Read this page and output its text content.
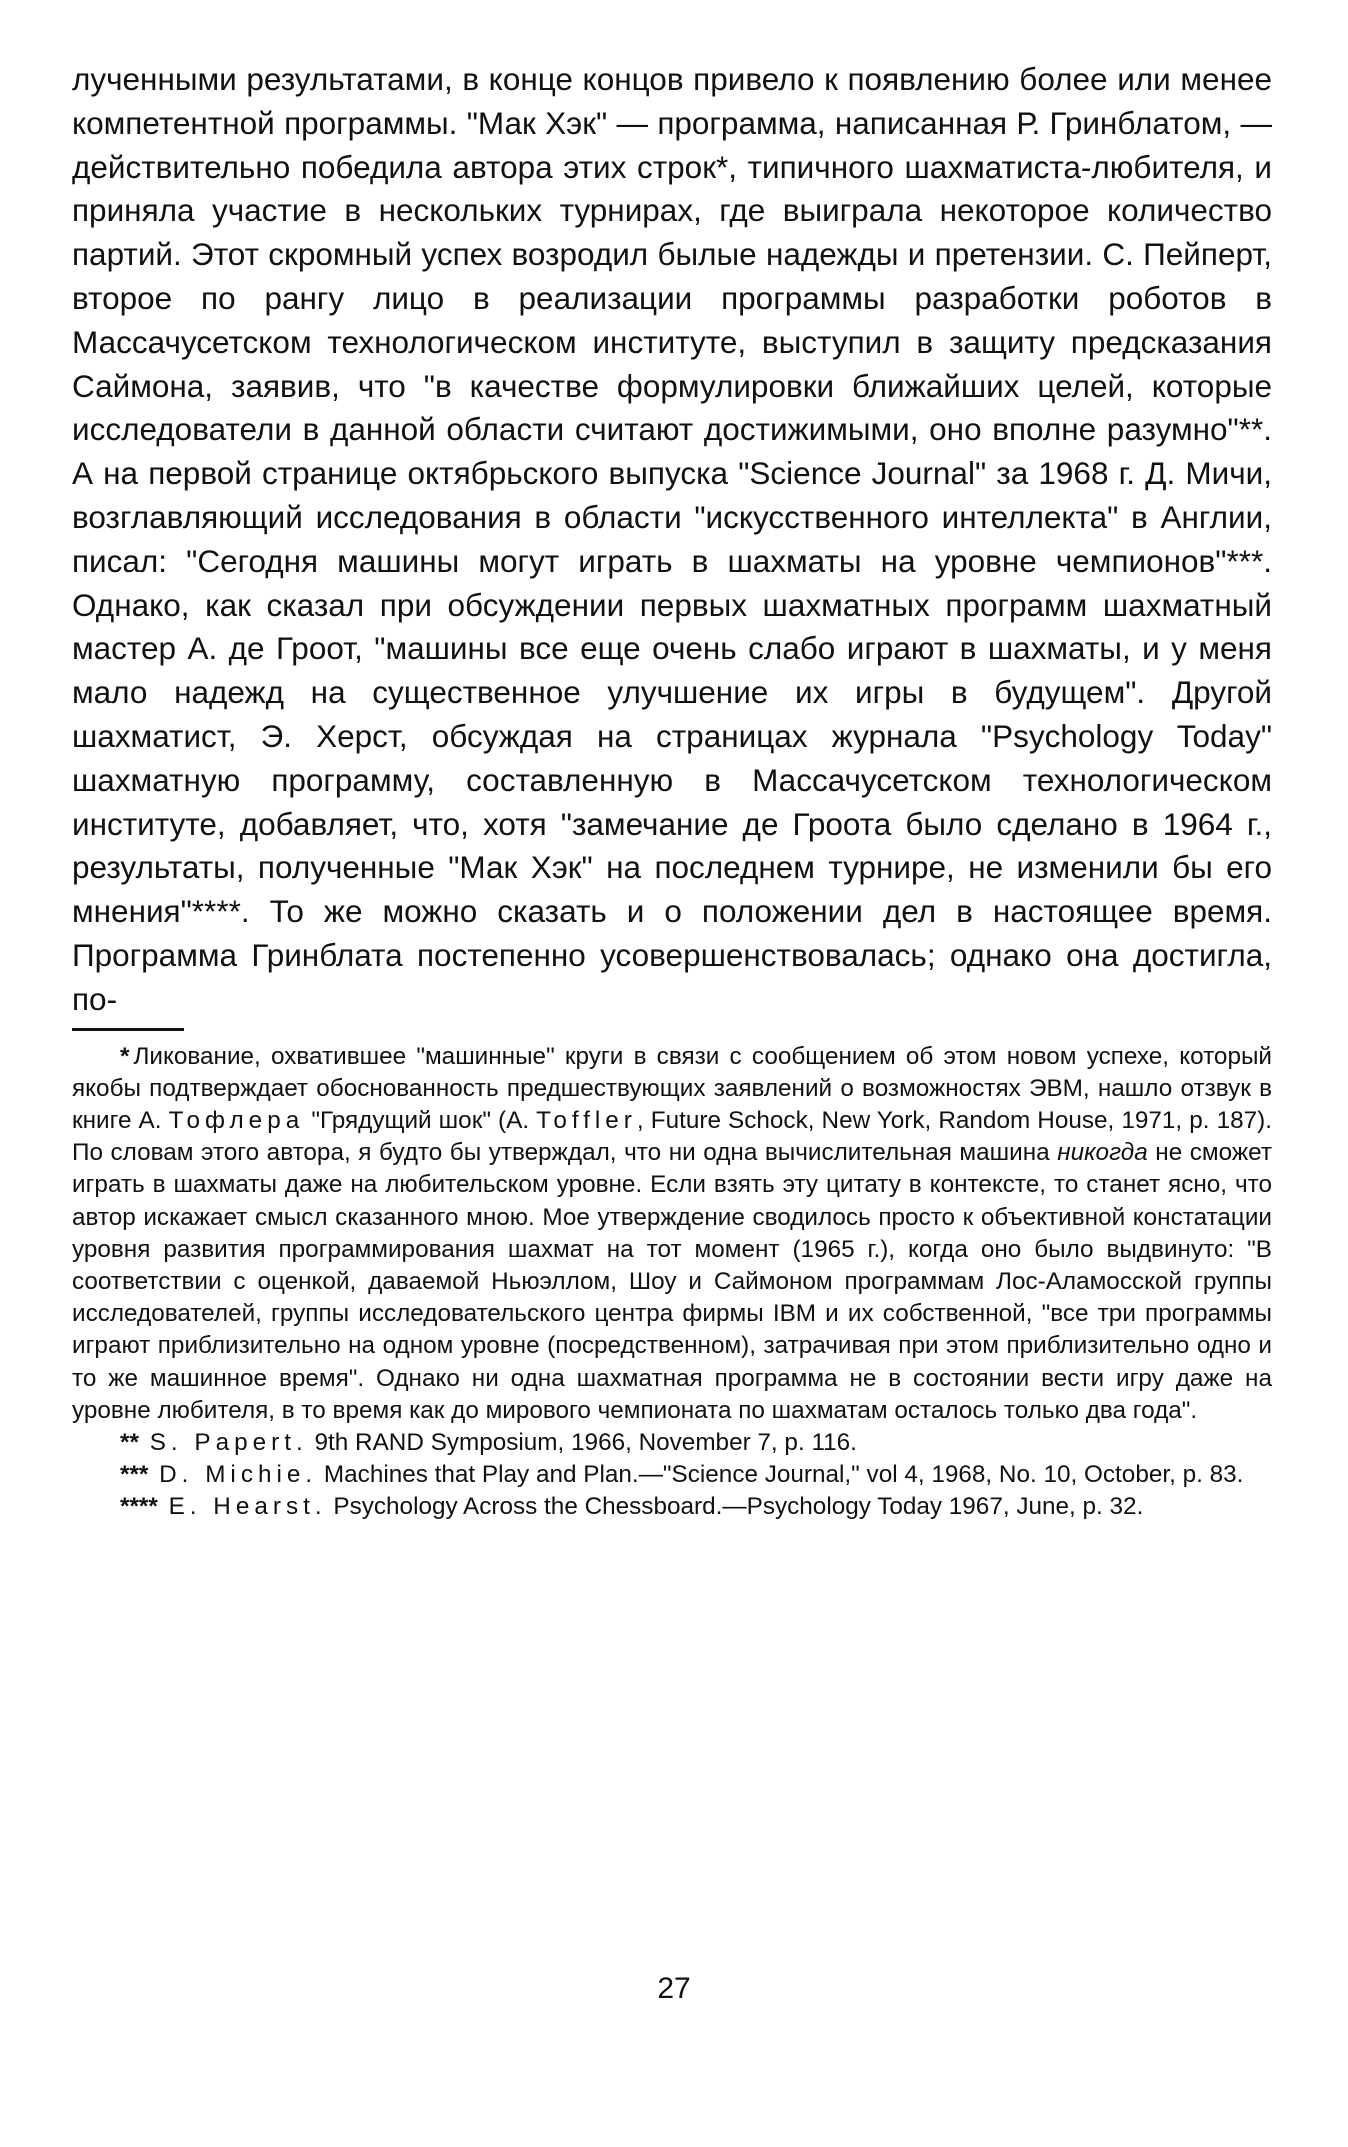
лученными результатами, в конце концов привело к появлению более или менее компетентной программы. "Мак Хэк" — программа, написанная Р. Гринблатом, — действительно победила автора этих строк*, типичного шахматиста-любителя, и приняла участие в нескольких турнирах, где выиграла некоторое количество партий. Этот скромный успех возродил былые надежды и претензии. С. Пейперт, второе по рангу лицо в реализации программы разработки роботов в Массачусетском технологическом институте, выступил в защиту предсказания Саймона, заявив, что "в качестве формулировки ближайших целей, которые исследователи в данной области считают достижимыми, оно вполне разумно"**. А на первой странице октябрьского выпуска "Science Journal" за 1968 г. Д. Мичи, возглавляющий исследования в области "искусственного интеллекта" в Англии, писал: "Сегодня машины могут играть в шахматы на уровне чемпионов"***. Однако, как сказал при обсуждении первых шахматных программ шахматный мастер А. де Гроот, "машины все еще очень слабо играют в шахматы, и у меня мало надежд на существенное улучшение их игры в будущем". Другой шахматист, Э. Херст, обсуждая на страницах журнала "Psychology Today" шахматную программу, составленную в Массачусетском технологическом институте, добавляет, что, хотя "замечание де Гроота было сделано в 1964 г., результаты, полученные "Мак Хэк" на последнем турнире, не изменили бы его мнения"****. То же можно сказать и о положении дел в настоящее время. Программа Гринблата постепенно усовершенствовалась; однако она достигла, по-

* Ликование, охватившее "машинные" круги в связи с сообщением об этом новом успехе, который якобы подтверждает обоснованность предшествующих заявлений о возможностях ЭВМ, нашло отзвук в книге А. Тофлера "Грядущий шок" (A. Toffler, Future Schock, New York, Random House, 1971, p. 187). По словам этого автора, я будто бы утверждал, что ни одна вычислительная машина никогда не сможет играть в шахматы даже на любительском уровне. Если взять эту цитату в контексте, то станет ясно, что автор искажает смысл сказанного мною. Мое утверждение сводилось просто к объективной констатации уровня развития программирования шахмат на тот момент (1965 г.), когда оно было выдвинуто: "В соответствии с оценкой, даваемой Ньюэллом, Шоу и Саймоном программам Лос-Аламосской группы исследователей, группы исследовательского центра фирмы IBM и их собственной, "все три программы играют приблизительно на одном уровне (посредственном), затрачивая при этом приблизительно одно и то же машинное время". Однако ни одна шахматная программа не в состоянии вести игру даже на уровне любителя, в то время как до мирового чемпионата по шахматам осталось только два года".

** S. Papert. 9th RAND Symposium, 1966, November 7, p. 116.

*** D. Michie. Machines that Play and Plan.—"Science Journal," vol 4, 1968, No. 10, October, p. 83.

**** E. Hearst. Psychology Across the Chessboard.—Psychology Today 1967, June, p. 32.

27
